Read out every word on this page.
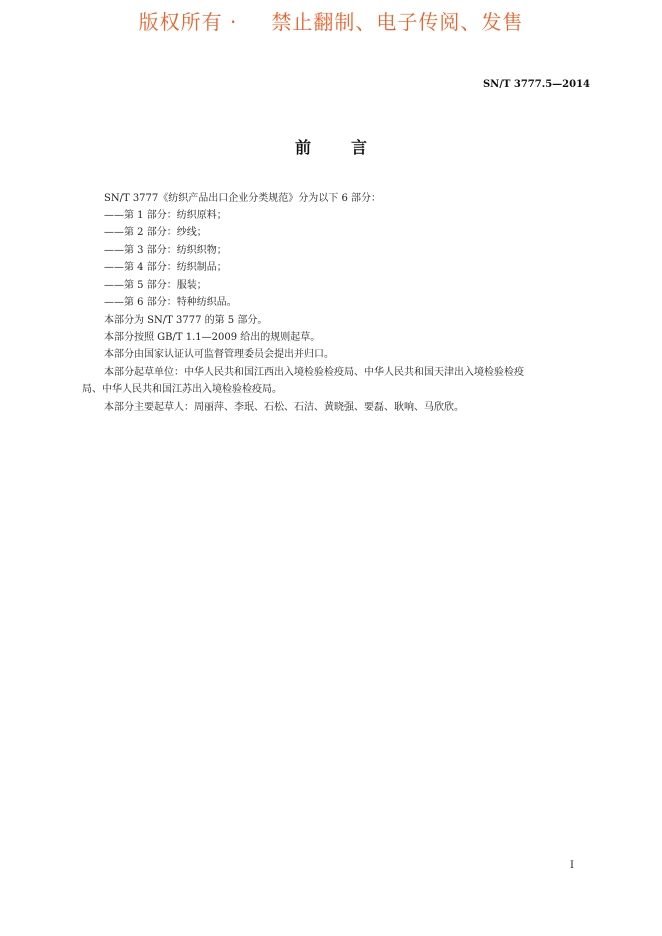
版权所有 · 禁止翻制、电子传阅、发售
SN/T 3777.5—2014
前言
SN/T 3777《纺织产品出口企业分类规范》分为以下 6 部分：
——第 1 部分：纺织原料；
——第 2 部分：纱线；
——第 3 部分：纺织织物；
——第 4 部分：纺织制品；
——第 5 部分：服装；
——第 6 部分：特种纺织品。
本部分为 SN/T 3777 的第 5 部分。
本部分按照 GB/T 1.1—2009 给出的规则起草。
本部分由国家认证认可监督管理委员会提出并归口。
本部分起草单位：中华人民共和国江西出入境检验检疫局、中华人民共和国天津出入境检验检疫
局、中华人民共和国江苏出入境检验检疫局。
本部分主要起草人：周丽萍、李珉、石松、石洁、黄晓强、要磊、耿响、马欣欣。
I
